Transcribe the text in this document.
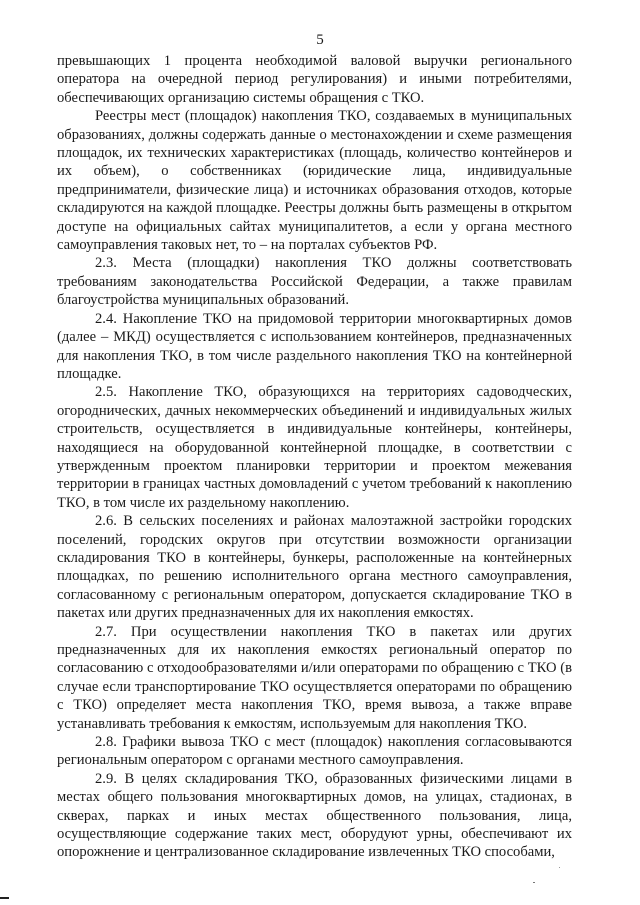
5

превышающих 1 процента необходимой валовой выручки регионального оператора на очередной период регулирования) и иными потребителями, обеспечивающих организацию системы обращения с ТКО.

Реестры мест (площадок) накопления ТКО, создаваемых в муниципальных образованиях, должны содержать данные о местонахождении и схеме размещения площадок, их технических характеристиках (площадь, количество контейнеров и их объем), о собственниках (юридические лица, индивидуальные предприниматели, физические лица) и источниках образования отходов, которые складируются на каждой площадке. Реестры должны быть размещены в открытом доступе на официальных сайтах муниципалитетов, а если у органа местного самоуправления таковых нет, то – на порталах субъектов РФ.

2.3. Места (площадки) накопления ТКО должны соответствовать требованиям законодательства Российской Федерации, а также правилам благоустройства муниципальных образований.

2.4. Накопление ТКО на придомовой территории многоквартирных домов (далее – МКД) осуществляется с использованием контейнеров, предназначенных для накопления ТКО, в том числе раздельного накопления ТКО на контейнерной площадке.

2.5. Накопление ТКО, образующихся на территориях садоводческих, огороднических, дачных некоммерческих объединений и индивидуальных жилых строительств, осуществляется в индивидуальные контейнеры, контейнеры, находящиеся на оборудованной контейнерной площадке, в соответствии с утвержденным проектом планировки территории и проектом межевания территории в границах частных домовладений с учетом требований к накоплению ТКО, в том числе их раздельному накоплению.

2.6. В сельских поселениях и районах малоэтажной застройки городских поселений, городских округов при отсутствии возможности организации складирования ТКО в контейнеры, бункеры, расположенные на контейнерных площадках, по решению исполнительного органа местного самоуправления, согласованному с региональным оператором, допускается складирование ТКО в пакетах или других предназначенных для их накопления емкостях.

2.7. При осуществлении накопления ТКО в пакетах или других предназначенных для их накопления емкостях региональный оператор по согласованию с отходообразователями и/или операторами по обращению с ТКО (в случае если транспортирование ТКО осуществляется операторами по обращению с ТКО) определяет места накопления ТКО, время вывоза, а также вправе устанавливать требования к емкостям, используемым для накопления ТКО.

2.8. Графики вывоза ТКО с мест (площадок) накопления согласовываются региональным оператором с органами местного самоуправления.

2.9. В целях складирования ТКО, образованных физическими лицами в местах общего пользования многоквартирных домов, на улицах, стадионах, в скверах, парках и иных местах общественного пользования, лица, осуществляющие содержание таких мест, оборудуют урны, обеспечивают их опорожнение и централизованное складирование извлеченных ТКО способами,
